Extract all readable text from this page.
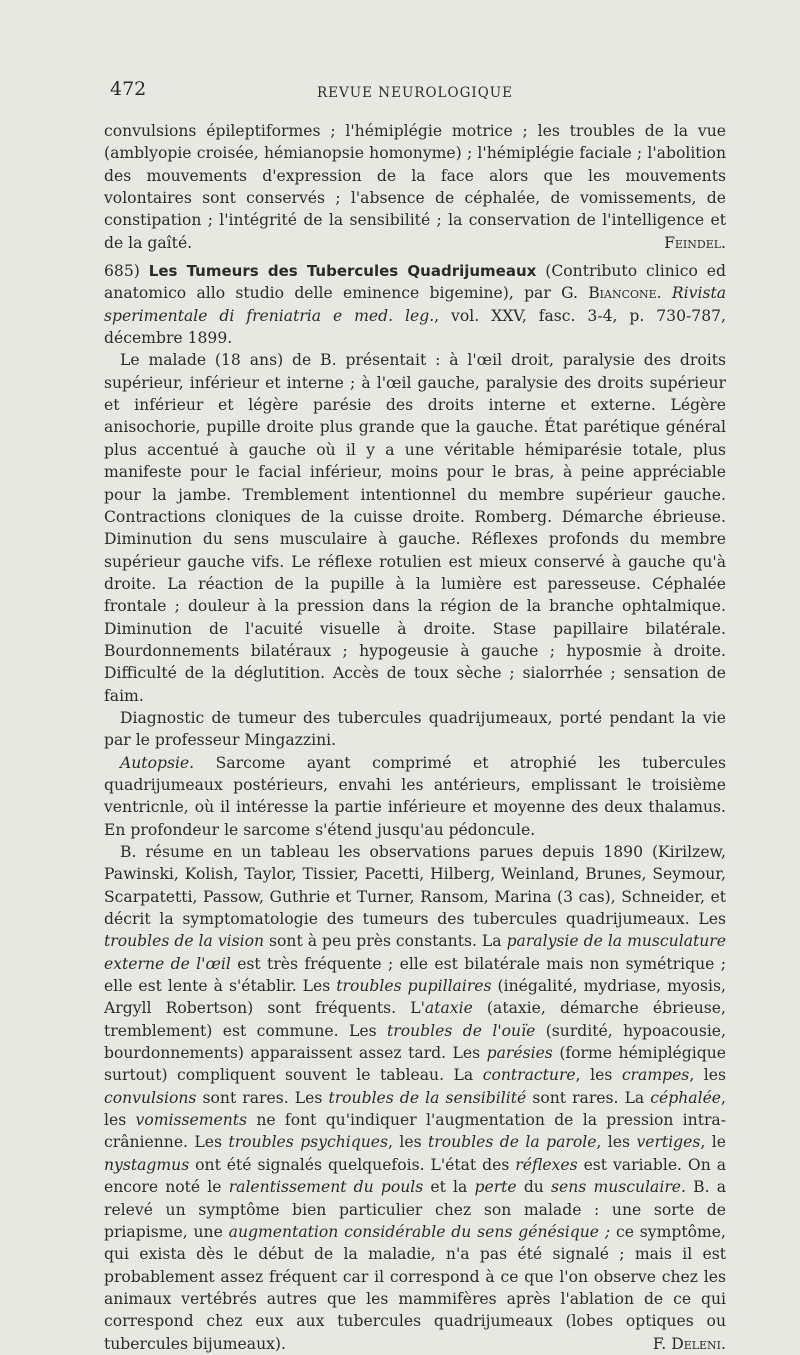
472	REVUE NEUROLOGIQUE

convulsions épileptiformes ; l'hémiplégie motrice ; les troubles de la vue (amblyopie croisée, hémianopsie homonyme) ; l'hémiplégie faciale ; l'abolition des mouvements d'expression de la face alors que les mouvements volontaires sont conservés ; l'absence de céphalée, de vomissements, de constipation ; l'intégrité de la sensibilité ; la conservation de l'intelligence et de la gaîté.	Feindel.

685) Les Tumeurs des Tubercules Quadrijumeaux (Contributo clinico ed anatomico allo studio delle eminence bigemine), par G. Biancone. Rivista sperimentale di freniatria e med. leg., vol. XXV, fasc. 3-4, p. 730-787, décembre 1899.

Le malade (18 ans) de B. présentait : à l'œil droit, paralysie des droits supérieur, inférieur et interne ; à l'œil gauche, paralysie des droits supérieur et inférieur et légère parésie des droits interne et externe. Légère anisochorie, pupille droite plus grande que la gauche. État parétique général plus accentué à gauche où il y a une véritable hémiparésie totale, plus manifeste pour le facial inférieur, moins pour le bras, à peine appréciable pour la jambe. Tremblement intentionnel du membre supérieur gauche. Contractions cloniques de la cuisse droite. Romberg. Démarche ébrieuse. Diminution du sens musculaire à gauche. Réflexes profonds du membre supérieur gauche vifs. Le réflexe rotulien est mieux conservé à gauche qu'à droite. La réaction de la pupille à la lumière est paresseuse. Céphalée frontale ; douleur à la pression dans la région de la branche ophtalmique. Diminution de l'acuité visuelle à droite. Stase papillaire bilatérale. Bourdonnements bilatéraux ; hypogeusie à gauche ; hyposmie à droite. Difficulté de la déglutition. Accès de toux sèche ; sialorrhée ; sensation de faim.

Diagnostic de tumeur des tubercules quadrijumeaux, porté pendant la vie par le professeur Mingazzini.

Autopsie. Sarcome ayant comprimé et atrophié les tubercules quadrijumeaux postérieurs, envahi les antérieurs, emplissant le troisième ventricnle, où il intéresse la partie inférieure et moyenne des deux thalamus. En profondeur le sarcome s'étend jusqu'au pédoncule.

B. résume en un tableau les observations parues depuis 1890 (Kirilzew, Pawinski, Kolish, Taylor, Tissier, Pacetti, Hilberg, Weinland, Brunes, Seymour, Scarpatetti, Passow, Guthrie et Turner, Ransom, Marina (3 cas), Schneider, et décrit la symptomatologie des tumeurs des tubercules quadrijumeaux. Les troubles de la vision sont à peu près constants. La paralysie de la musculature externe de l'œil est très fréquente ; elle est bilatérale mais non symétrique ; elle est lente à s'établir. Les troubles pupillaires (inégalité, mydriase, myosis, Argyll Robertson) sont fréquents. L'ataxie (ataxie, démarche ébrieuse, tremblement) est commune. Les troubles de l'ouïe (surdité, hypoacousie, bourdonnements) apparaissent assez tard. Les parésies (forme hémiplégique surtout) compliquent souvent le tableau. La contracture, les crampes, les convulsions sont rares. Les troubles de la sensibilité sont rares. La céphalée, les vomissements ne font qu'indiquer l'augmentation de la pression intra-crânienne. Les troubles psychiques, les troubles de la parole, les vertiges, le nystagmus ont été signalés quelquefois. L'état des réflexes est variable. On a encore noté le ralentissement du pouls et la perte du sens musculaire. B. a relevé un symptôme bien particulier chez son malade : une sorte de priapisme, une augmentation considérable du sens génésique ; ce symptôme, qui exista dès le début de la maladie, n'a pas été signalé ; mais il est probablement assez fréquent car il correspond à ce que l'on observe chez les animaux vertébrés autres que les mammifères après l'ablation de ce qui correspond chez eux aux tubercules quadrijumeaux (lobes optiques ou tubercules bijumeaux).	F. Deleni.
